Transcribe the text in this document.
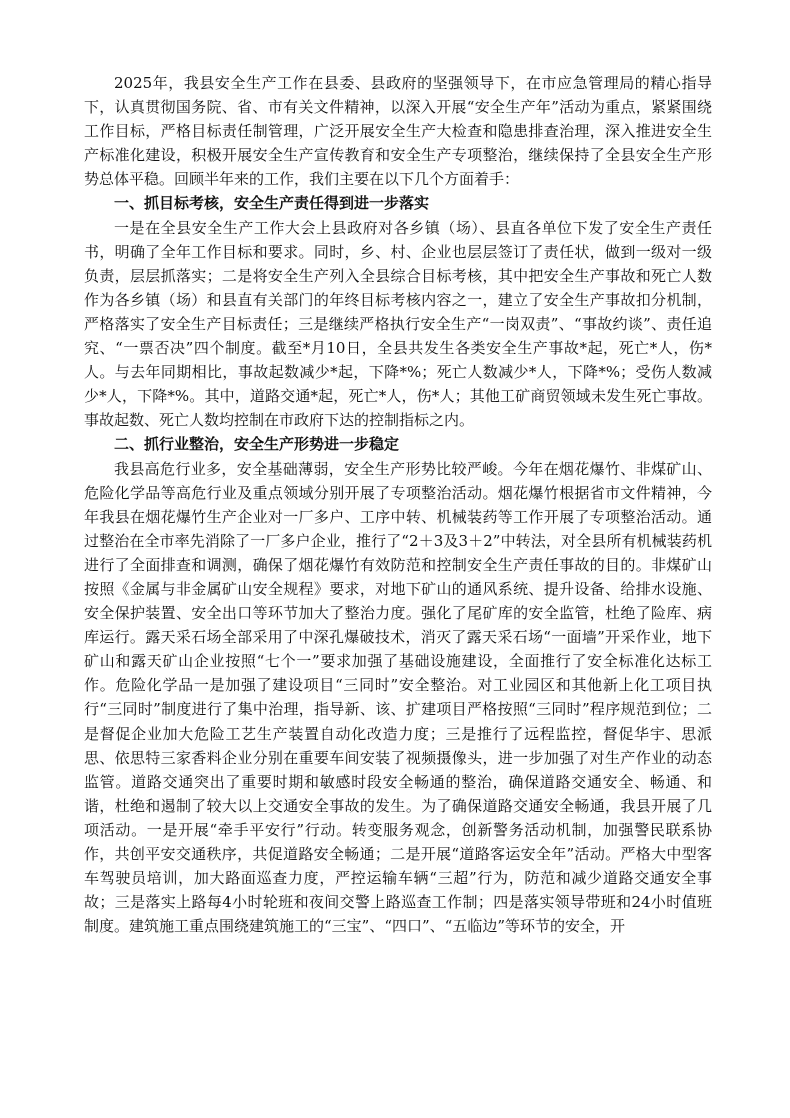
2025年，我县安全生产工作在县委、县政府的坚强领导下，在市应急管理局的精心指导下，认真贯彻国务院、省、市有关文件精神，以深入开展“安全生产年”活动为重点，紧紧围绕工作目标，严格目标责任制管理，广泛开展安全生产大检查和隐患排查治理，深入推进安全生产标准化建设，积极开展安全生产宣传教育和安全生产专项整治，继续保持了全县安全生产形势总体平稳。回顾半年来的工作，我们主要在以下几个方面着手：

一、抓目标考核，安全生产责任得到进一步落实

一是在全县安全生产工作大会上县政府对各乡镇（场）、县直各单位下发了安全生产责任书，明确了全年工作目标和要求。同时，乡、村、企业也层层签订了责任状，做到一级对一级负责，层层抓落实；二是将安全生产列入全县综合目标考核，其中把安全生产事故和死亡人数作为各乡镇（场）和县直有关部门的年终目标考核内容之一，建立了安全生产事故扣分机制，严格落实了安全生产目标责任；三是继续严格执行安全生产“一岗双责”、“事故约谈”、责任追究、“一票否决”四个制度。截至*月10日，全县共发生各类安全生产事故*起，死亡*人，伤*人。与去年同期相比，事故起数减少*起，下降*%；死亡人数减少*人，下降*%；受伤人数减少*人，下降*%。其中，道路交通*起，死亡*人，伤*人；其他工矿商贸领域未发生死亡事故。事故起数、死亡人数均控制在市政府下达的控制指标之内。

二、抓行业整治，安全生产形势进一步稳定

我县高危行业多，安全基础薄弱，安全生产形势比较严峻。今年在烟花爆竹、非煤矿山、危险化学品等高危行业及重点领域分别开展了专项整治活动。烟花爆竹根据省市文件精神，今年我县在烟花爆竹生产企业对一厂多户、工序中转、机械装药等工作开展了专项整治活动。通过整治在全市率先消除了一厂多户企业，推行了“2＋3及3＋2”中转法，对全县所有机械装药机进行了全面排查和调测，确保了烟花爆竹有效防范和控制安全生产责任事故的目的。非煤矿山按照《金属与非金属矿山安全规程》要求，对地下矿山的通风系统、提升设备、给排水设施、安全保护装置、安全出口等环节加大了整治力度。强化了尾矿库的安全监管，杜绝了险库、病库运行。露天采石场全部采用了中深孔爆破技术，消灭了露天采石场“一面墙”开采作业，地下矿山和露天矿山企业按照“七个一”要求加强了基础设施建设，全面推行了安全标准化达标工作。危险化学品一是加强了建设项目“三同时”安全整治。对工业园区和其他新上化工项目执行“三同时”制度进行了集中治理，指导新、该、扩建项目严格按照“三同时”程序规范到位；二是督促企业加大危险工艺生产装置自动化改造力度；三是推行了远程监控，督促华宇、思派思、依思特三家香料企业分别在重要车间安装了视频摄像头，进一步加强了对生产作业的动态监管。道路交通突出了重要时期和敏感时段安全畅通的整治，确保道路交通安全、畅通、和谐，杜绝和遏制了较大以上交通安全事故的发生。为了确保道路交通安全畅通，我县开展了几项活动。一是开展“牵手平安行”行动。转变服务观念，创新警务活动机制，加强警民联系协作，共创平安交通秩序，共促道路安全畅通；二是开展“道路客运安全年”活动。严格大中型客车驾驶员培训，加大路面巡查力度，严控运输车辆“三超”行为，防范和减少道路交通安全事故；三是落实上路每4小时轮班和夜间交警上路巡查工作制；四是落实领导带班和24小时值班制度。建筑施工重点围绕建筑施工的“三宝”、“四口”、“五临边”等环节的安全，开
